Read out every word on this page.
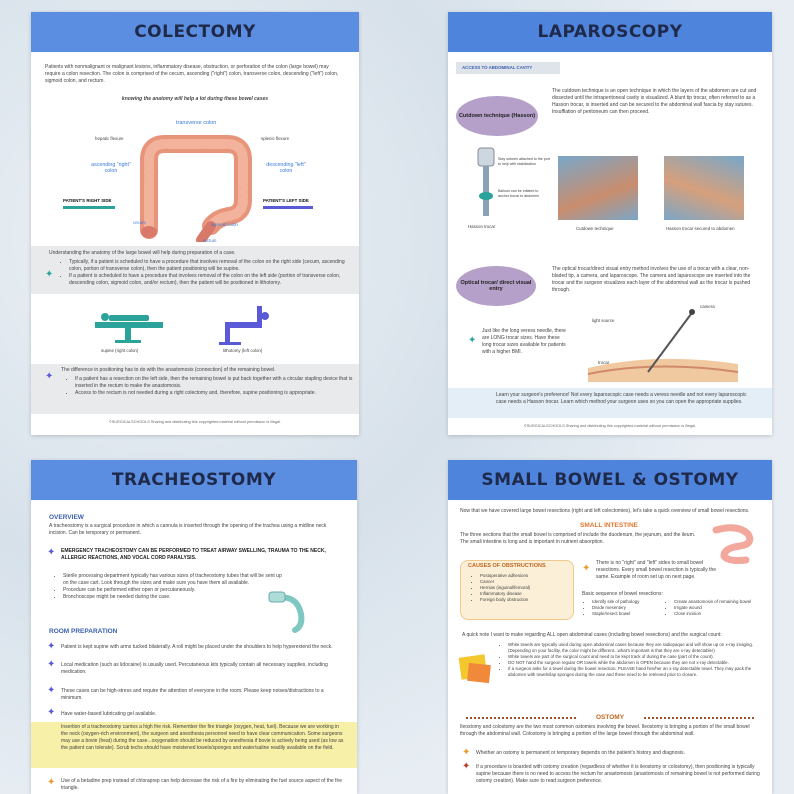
COLECTOMY
Patients with nonmalignant or malignant lesions, inflammatory disease, obstruction, or perforation of the colon (large bowel) may require a colon resection. The colon is comprised of the cecum, ascending ("right") colon, transverse colon, descending ("left") colon, sigmoid colon, and rectum.
knowing the anatomy will help a lot during these bowel cases
transverse colon
hepatic flexure	splenic flexure
ascending "right" colon
descending "left" colon
cecum	sigmoid colon
rectum
PATIENT'S RIGHT SIDE	PATIENT'S LEFT SIDE
Understanding the anatomy of the large bowel will help during preparation of a case.
✦
• Typically, if a patient is scheduled to have a procedure that involves removal of the colon on the right side (cecum, ascending colon, portion of transverse colon), then the patient positioning will be supine.
• If a patient is scheduled to have a procedure that involves removal of the colon on the left side (portion of transverse colon, descending colon, sigmoid colon, and/or rectum), then the patient will be positioned in lithotomy.
supine (right colon)	lithotomy (left colon)
The difference in positioning has to do with the anastomosis (connection) of the remaining bowel.
✦
•	If a patient has a resection on the left side, then the remaining bowel is put back together with a circular stapling device that is inserted in the rectum to make the anastomosis.
• Access to the rectum is not needed during a right colectomy and, therefore, supine positioning is appropriate.
©SURGICALSCHOOLS Sharing and distributing this copyrighted material without permission is illegal.
LAPAROSCOPY
ACCESS TO ABDOMINAL CAVITY
Cutdown technique (Hasson)
The cutdown technique is an open technique in which the layers of the abdomen are cut and dissected until the intraperitoneal cavity is visualized. A blunt tip trocar, often referred to as a Hasson trocar, is inserted and can be secured to the abdominal wall fascia by stay sutures. Insufflation of peritoneum can then proceed.
Stay sutures attached to the port to help with stabilization
Balloon can be inflated to anchor trocar to abdomen
Hasson trocar	Cutdown technique	Hasson trocar secured to abdomen
Optical trocar/ direct visual entry
The optical trocar/direct visual entry method involves the use of a trocar with a clear, non-bladed tip, a camera, and laparoscope. The camera and laparoscope are inserted into the trocar and the surgeon visualizes each layer of the abdominal wall as the trocar is pushed through.
✦
Just like the long veress needle, there are LONG trocar sizes. Have these long trocar sizes available for patients with a higher BMI.
light source
camera
trocar
Learn your surgeon's preference! Not every laparoscopic case needs a veress needle and not every laparoscopic case needs a Hasson trocar. Learn which method your surgeon uses so you can open the appropriate supplies.
©SURGICALSCHOOLS Sharing and distributing this copyrighted material without permission is illegal.
TRACHEOSTOMY
OVERVIEW
A tracheostomy is a surgical procedure in which a cannula is inserted through the opening of the trachea using a midline neck incision. Can be temporary or permanent.
✦ EMERGENCY TRACHEOSTOMY CAN BE PERFORMED TO TREAT AIRWAY SWELLING, TRAUMA TO THE NECK, ALLERGIC REACTIONS, AND VOCAL CORD PARALYSIS.
• Sterile processing department typically has various sizes of tracheostomy tubes that will be sent up on the case cart. Look through the sizes and make sure you have them all available.
• Procedure can be performed either open or percutaneously.
• Bronchoscope might be needed during the case.
ROOM PREPARATION
✦ Patient is kept supine with arms tucked bilaterally. A roll might be placed under the shoulders to help hyperextend the neck.
✦ Local medication (such as lidocaine) is usually used. Percutaneous kits typically contain all necessary supplies, including medication.
✦ These cases can be high-stress and require the attention of everyone in the room. Please keep noises/distractions to a minimum.
✦ Have water-based lubricating gel available.
Insertion of a tracheostomy carries a high fire risk. Remember the fire triangle (oxygen, heat, fuel). Because we are working in the neck (oxygen-rich environment), the surgeon and anesthesia personnel need to have clear communication. Some surgeons may use a bovie (heat) during the case...oxygenation should be reduced by anesthesia if bovie is actively being used (as low as the patient can tolerate). Scrub techs should have moistened towels/sponges and water/saline readily available on the field.
✦ Use of a betadine prep instead of chloraprep can help decrease the risk of a fire by eliminating the fuel source aspect of the fire triangle.
SMALL BOWEL & OSTOMY
Now that we have covered large bowel resections (right and left colectomies), let's take a quick overview of small bowel resections.
SMALL INTESTINE
The three sections that the small bowel is comprised of include the duodenum, the jejunum, and the ileum. The small intestine is long and is important in nutrient absorption.
CAUSES OF OBSTRUCTIONS
• Postoperative adhesions
• Cancer
• Hernias (inguinal/femoral)
• Inflammatory disease
• Foreign body obstruction
✦ There is no "right" and "left" sides to small bowel resections. Every small bowel resection is typically the same. Example of room set up on next page.
Basic sequence of bowel resections:
• Identify site of pathology
• Divide mesentery
• Staple/resect bowel
• Create anastomosis of remaining bowel
• Irrigate wound
• Close incision
A quick note I want to make regarding ALL open abdominal cases (including bowel resections) and the surgical count:
• White towels are typically used during open abdominal cases because they are radiopaque and will show up on x-ray imaging. (Depending on your facility, the color might be different...what's important is that they are x-ray detectable!)
• White towels are part of the surgical count and need to be kept track of during the case (part of the count).
• DO NOT hand the surgeon regular OR towels while the abdomen is OPEN because they are not x-ray detectable.
• If a surgeon asks for a towel during the bowel resection, PLEASE hand him/her an x-ray detectable towel. They may pack the abdomen with towels/lap sponges during the case and these need to be retrieved prior to closure.
OSTOMY
Ileostomy and colostomy are the two most common ostomies involving the bowel. Ileostomy is bringing a portion of the small bowel through the abdominal wall. Colostomy is bringing a portion of the large bowel through the abdominal wall.
✦ Whether an ostomy is permanent or temporary depends on the patient's history and diagnosis.
✦ If a procedure is boarded with ostomy creation (regardless of whether it is ileostomy or colostomy), then positioning is typically supine because there is no need to access the rectum for anastomosis (anastomosis of remaining bowel is not performed during ostomy creation). Make sure to read surgeon preference.
